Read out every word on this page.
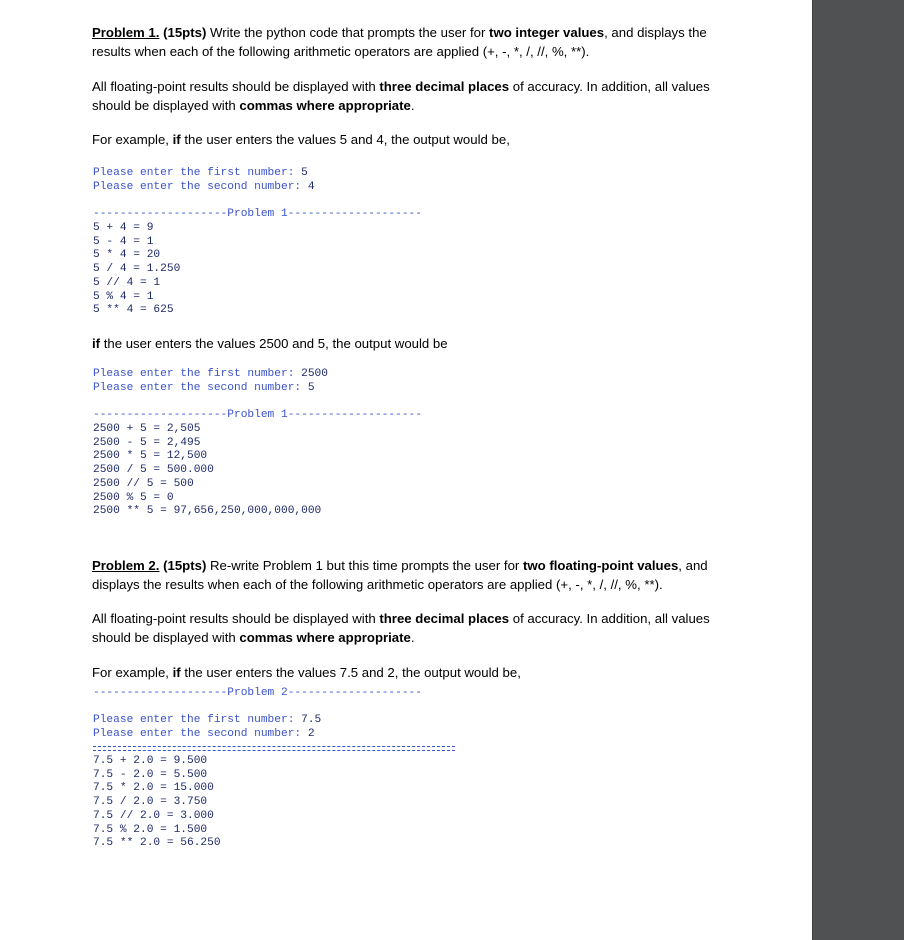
Problem 1. (15pts) Write the python code that prompts the user for two integer values, and displays the results when each of the following arithmetic operators are applied (+, -, *, /, //, %, **).
All floating-point results should be displayed with three decimal places of accuracy. In addition, all values should be displayed with commas where appropriate.
For example, if the user enters the values 5 and 4, the output would be,
Please enter the first number: 5
Please enter the second number: 4
--------------------Problem 1--------------------
5 + 4 = 9
5 - 4 = 1
5 * 4 = 20
5 / 4 = 1.250
5 // 4 = 1
5 % 4 = 1
5 ** 4 = 625
if the user enters the values 2500 and 5, the output would be
Please enter the first number: 2500
Please enter the second number: 5
--------------------Problem 1--------------------
2500 + 5 = 2,505
2500 - 5 = 2,495
2500 * 5 = 12,500
2500 / 5 = 500.000
2500 // 5 = 500
2500 % 5 = 0
2500 ** 5 = 97,656,250,000,000,000
Problem 2. (15pts) Re-write Problem 1 but this time prompts the user for two floating-point values, and displays the results when each of the following arithmetic operators are applied (+, -, *, /, //, %, **).
All floating-point results should be displayed with three decimal places of accuracy. In addition, all values should be displayed with commas where appropriate.
For example, if the user enters the values 7.5 and 2, the output would be,
--------------------Problem 2--------------------
Please enter the first number: 7.5
Please enter the second number: 2
7.5 + 2.0 = 9.500
7.5 - 2.0 = 5.500
7.5 * 2.0 = 15.000
7.5 / 2.0 = 3.750
7.5 // 2.0 = 3.000
7.5 % 2.0 = 1.500
7.5 ** 2.0 = 56.250
